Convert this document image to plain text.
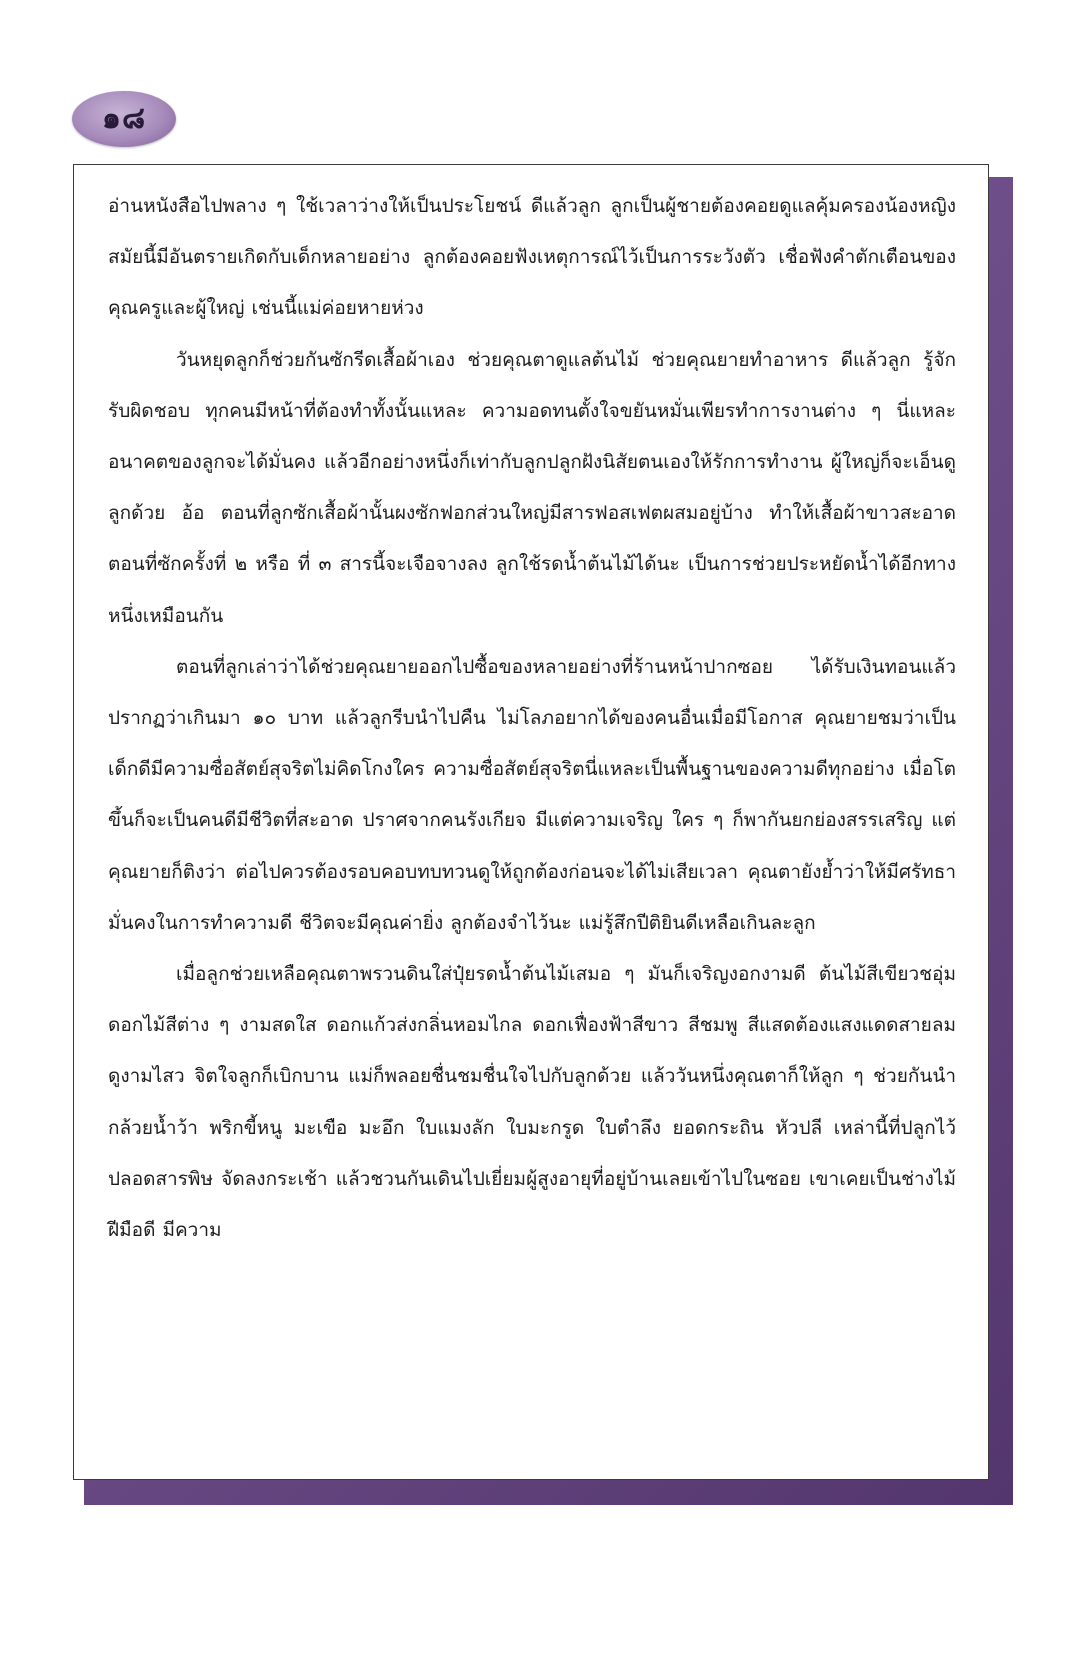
๑๘

อ่านหนังสือไปพลาง ๆ ใช้เวลาว่างให้เป็นประโยชน์ ดีแล้วลูก ลูกเป็นผู้ชายต้องคอยดูแลคุ้มครองน้องหญิง สมัยนี้มีอันตรายเกิดกับเด็กหลายอย่าง ลูกต้องคอยฟังเหตุการณ์ไว้เป็นการระวังตัว เชื่อฟังคำตักเตือนของคุณครูและผู้ใหญ่ เช่นนี้แม่ค่อยหายห่วง

วันหยุดลูกก็ช่วยกันซักรีดเสื้อผ้าเอง ช่วยคุณตาดูแลต้นไม้ ช่วยคุณยายทำอาหาร ดีแล้วลูก รู้จักรับผิดชอบ ทุกคนมีหน้าที่ต้องทำทั้งนั้นแหละ ความอดทนตั้งใจขยันหมั่นเพียรทำการงานต่าง ๆ นี่แหละ อนาคตของลูกจะได้มั่นคง แล้วอีกอย่างหนึ่งก็เท่ากับลูกปลูกฝังนิสัยตนเองให้รักการทำงาน ผู้ใหญ่ก็จะเอ็นดูลูกด้วย อ้อ ตอนที่ลูกซักเสื้อผ้านั้นผงซักฟอกส่วนใหญ่มีสารฟอสเฟตผสมอยู่บ้าง ทำให้เสื้อผ้าขาวสะอาด ตอนที่ซักครั้งที่ ๒ หรือ ที่ ๓ สารนี้จะเจือจางลง ลูกใช้รดน้ำต้นไม้ได้นะ เป็นการช่วยประหยัดน้ำได้อีกทางหนึ่งเหมือนกัน

ตอนที่ลูกเล่าว่าได้ช่วยคุณยายออกไปซื้อของหลายอย่างที่ร้านหน้าปากซอย ได้รับเงินทอนแล้วปรากฏว่าเกินมา ๑๐ บาท แล้วลูกรีบนำไปคืน ไม่โลภอยากได้ของคนอื่นเมื่อมีโอกาส คุณยายชมว่าเป็นเด็กดีมีความซื่อสัตย์สุจริตไม่คิดโกงใคร ความซื่อสัตย์สุจริตนี่แหละเป็นพื้นฐานของความดีทุกอย่าง เมื่อโตขึ้นก็จะเป็นคนดีมีชีวิตที่สะอาด ปราศจากคนรังเกียจ มีแต่ความเจริญ ใคร ๆ ก็พากันยกย่องสรรเสริญ แต่คุณยายก็ติงว่า ต่อไปควรต้องรอบคอบทบทวนดูให้ถูกต้องก่อนจะได้ไม่เสียเวลา คุณตายังย้ำว่าให้มีศรัทธามั่นคงในการทำความดี ชีวิตจะมีคุณค่ายิ่ง ลูกต้องจำไว้นะ แม่รู้สึกปีติยินดีเหลือเกินละลูก

เมื่อลูกช่วยเหลือคุณตาพรวนดินใส่ปุ๋ยรดน้ำต้นไม้เสมอ ๆ มันก็เจริญงอกงามดี ต้นไม้สีเขียวชอุ่ม ดอกไม้สีต่าง ๆ งามสดใส ดอกแก้วส่งกลิ่นหอมไกล ดอกเฟื่องฟ้าสีขาว สีชมพู สีแสดต้องแสงแดดสายลม ดูงามไสว จิตใจลูกก็เบิกบาน แม่ก็พลอยชื่นชมชื่นใจไปกับลูกด้วย แล้ววันหนึ่งคุณตาก็ให้ลูก ๆ ช่วยกันนำกล้วยน้ำว้า พริกขี้หนู มะเขือ มะอึก ใบแมงลัก ใบมะกรูด ใบตำลึง ยอดกระถิน หัวปลี เหล่านี้ที่ปลูกไว้ปลอดสารพิษ จัดลงกระเช้า แล้วชวนกันเดินไปเยี่ยมผู้สูงอายุที่อยู่บ้านเลยเข้าไปในซอย เขาเคยเป็นช่างไม้ฝีมือดี มีความ
